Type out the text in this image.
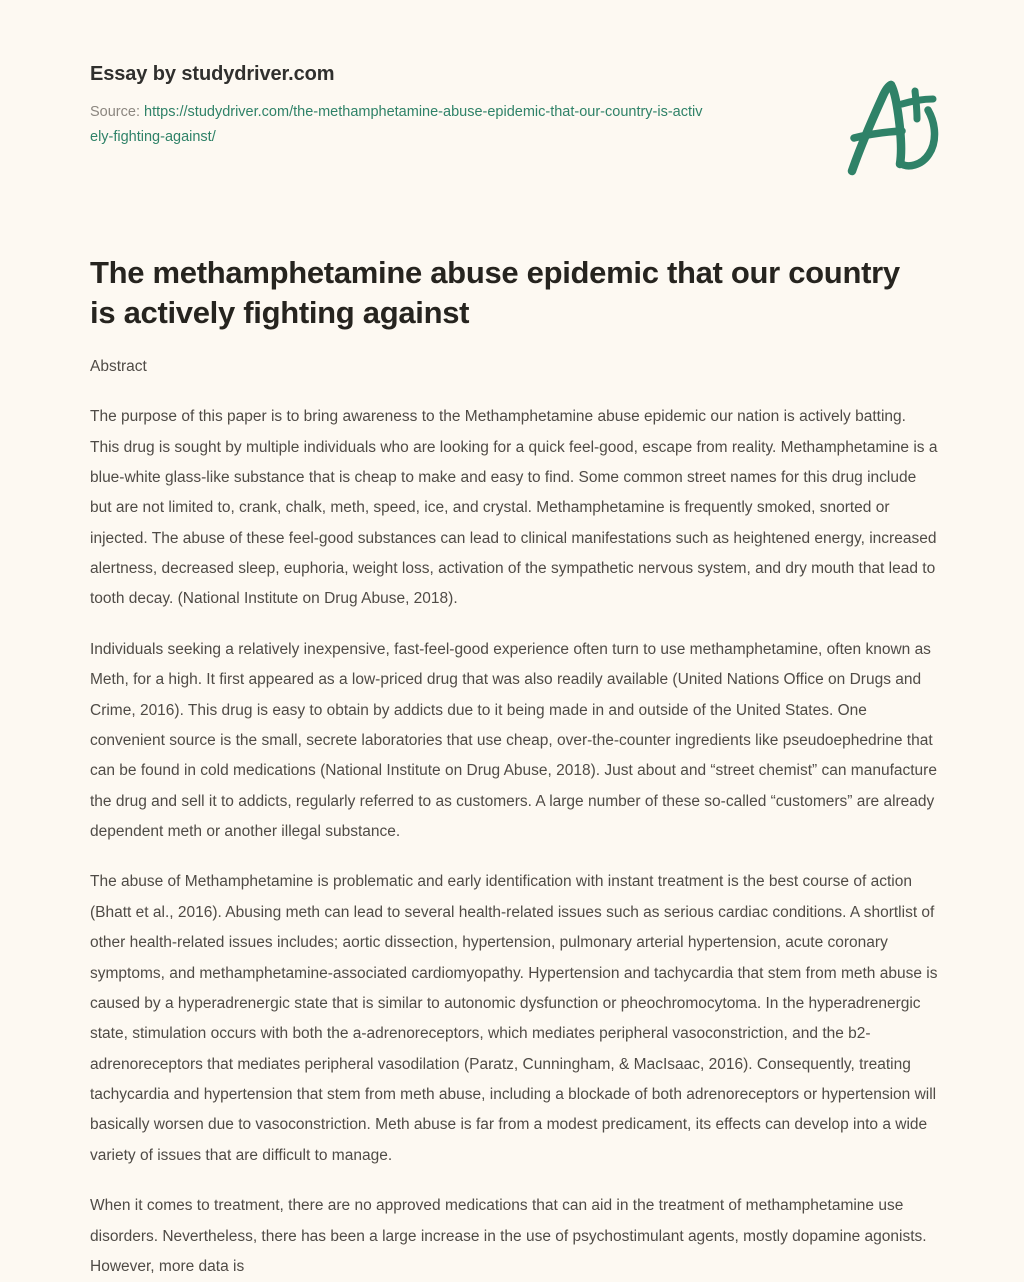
Essay by studydriver.com
Source: https://studydriver.com/the-methamphetamine-abuse-epidemic-that-our-country-is-actively-fighting-against/
The methamphetamine abuse epidemic that our country is actively fighting against
Abstract

The purpose of this paper is to bring awareness to the Methamphetamine abuse epidemic our nation is actively batting. This drug is sought by multiple individuals who are looking for a quick feel-good, escape from reality. Methamphetamine is a blue-white glass-like substance that is cheap to make and easy to find. Some common street names for this drug include but are not limited to, crank, chalk, meth, speed, ice, and crystal. Methamphetamine is frequently smoked, snorted or injected. The abuse of these feel-good substances can lead to clinical manifestations such as heightened energy, increased alertness, decreased sleep, euphoria, weight loss, activation of the sympathetic nervous system, and dry mouth that lead to tooth decay. (National Institute on Drug Abuse, 2018).

Individuals seeking a relatively inexpensive, fast-feel-good experience often turn to use methamphetamine, often known as Meth, for a high. It first appeared as a low-priced drug that was also readily available (United Nations Office on Drugs and Crime, 2016). This drug is easy to obtain by addicts due to it being made in and outside of the United States. One convenient source is the small, secrete laboratories that use cheap, over-the-counter ingredients like pseudoephedrine that can be found in cold medications (National Institute on Drug Abuse, 2018). Just about and “street chemist” can manufacture the drug and sell it to addicts, regularly referred to as customers. A large number of these so-called “customers” are already dependent meth or another illegal substance.

The abuse of Methamphetamine is problematic and early identification with instant treatment is the best course of action (Bhatt et al., 2016). Abusing meth can lead to several health-related issues such as serious cardiac conditions. A shortlist of other health-related issues includes; aortic dissection, hypertension, pulmonary arterial hypertension, acute coronary symptoms, and methamphetamine-associated cardiomyopathy. Hypertension and tachycardia that stem from meth abuse is caused by a hyperadrenergic state that is similar to autonomic dysfunction or pheochromocytoma. In the hyperadrenergic state, stimulation occurs with both the a-adrenoreceptors, which mediates peripheral vasoconstriction, and the b2-adrenoreceptors that mediates peripheral vasodilation (Paratz, Cunningham, & MacIsaac, 2016). Consequently, treating tachycardia and hypertension that stem from meth abuse, including a blockade of both adrenoreceptors or hypertension will basically worsen due to vasoconstriction. Meth abuse is far from a modest predicament, its effects can develop into a wide variety of issues that are difficult to manage.

When it comes to treatment, there are no approved medications that can aid in the treatment of methamphetamine use disorders. Nevertheless, there has been a large increase in the use of psychostimulant agents, mostly dopamine agonists. However, more data is
